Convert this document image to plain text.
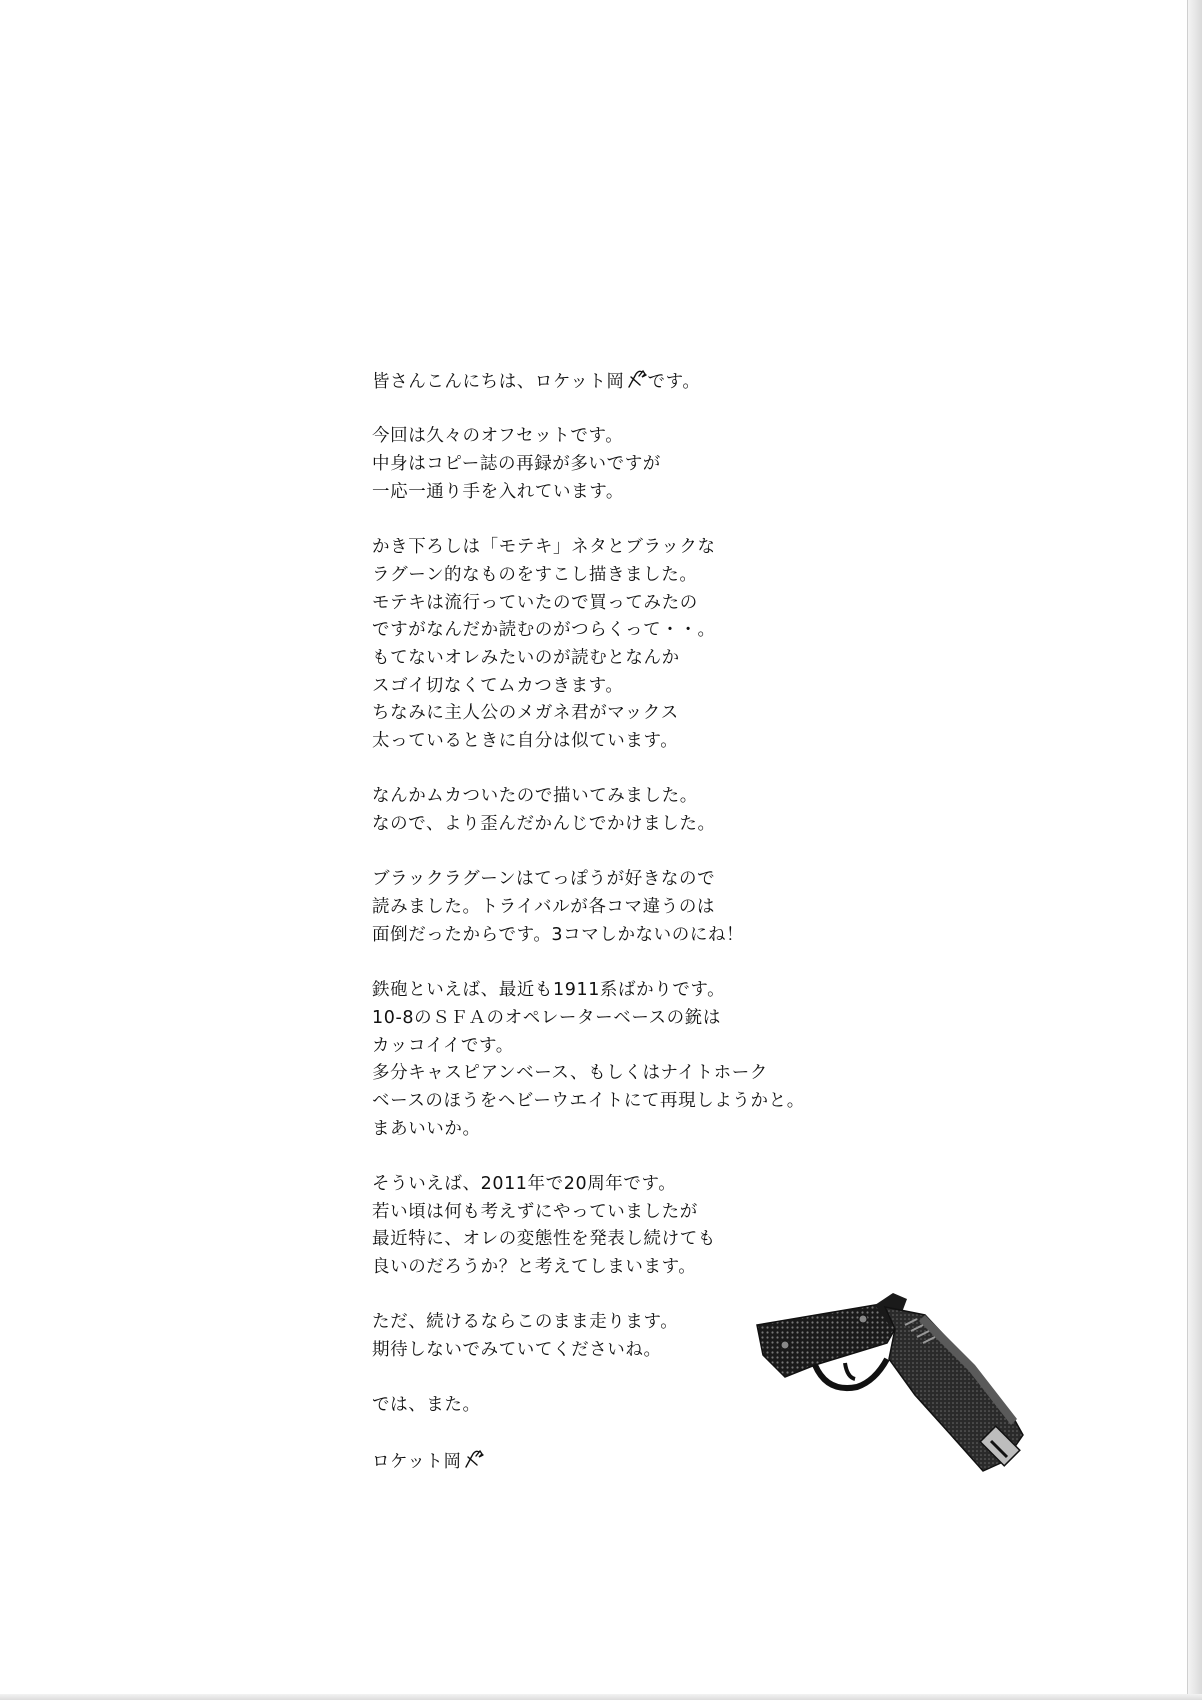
皆さんこんにちは、ロケット岡 です。
今回は久々のオフセットです。
中身はコピー誌の再録が多いですが
一応一通り手を入れています。
かき下ろしは「モテキ」ネタとブラックな
ラグーン的なものをすこし描きました。
モテキは流行っていたので買ってみたの
ですがなんだか読むのがつらくって・・。
もてないオレみたいのが読むとなんか
スゴイ切なくてムカつきます。
ちなみに主人公のメガネ君がマックス
太っているときに自分は似ています。
なんかムカついたので描いてみました。
なので、より歪んだかんじでかけました。
ブラックラグーンはてっぽうが好きなので
読みました。トライバルが各コマ違うのは
面倒だったからです。3コマしかないのにね！
鉄砲といえば、最近も1911系ばかりです。
10-8のＳＦＡのオペレーターベースの銃は
カッコイイです。
多分キャスピアンベース、もしくはナイトホーク
ベースのほうをヘビーウエイトにて再現しようかと。
まあいいか。
そういえば、2011年で20周年です。
若い頃は何も考えずにやっていましたが
最近特に、オレの変態性を発表し続けても
良いのだろうか？と考えてしまいます。
ただ、続けるならこのまま走ります。
期待しないでみていてくださいね。
では、また。
ロケット岡
